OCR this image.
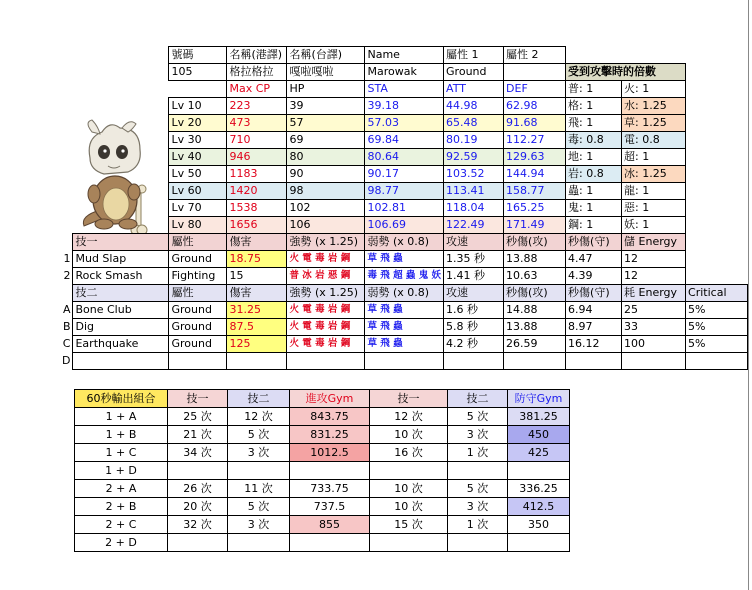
		號碼	名稱(港譯)	名稱(台譯)	Name	屬性 1	屬性 2			
		105	格拉格拉	嘎啦嘎啦	Marowak	Ground		受到攻擊時的倍數		
			Max CP	HP	STA	ATT	DEF	普: 1	火: 1	
		Lv 10	223	39	39.18	44.98	62.98	格: 1	水: 1.25	
		Lv 20	473	57	57.03	65.48	91.68	飛: 1	草: 1.25	
		Lv 30	710	69	69.84	80.19	112.27	毒: 0.8	電: 0.8	
		Lv 40	946	80	80.64	92.59	129.63	地: 1	超: 1	
		Lv 50	1183	90	90.17	103.52	144.94	岩: 0.8	冰: 1.25	
		Lv 60	1420	98	98.77	113.41	158.77	蟲: 1	龍: 1	
		Lv 70	1538	102	102.81	118.04	165.25	鬼: 1	惡: 1	
		Lv 80	1656	106	106.69	122.49	171.49	鋼: 1	妖: 1	
	技一	屬性	傷害	強勢 (x 1.25)	弱勢 (x 0.8)	攻速	秒傷(攻)	秒傷(守)	儲 Energy	
1	Mud Slap	Ground	18.75	火 電 毒 岩 鋼	草 飛 蟲	1.35 秒	13.88	4.47	12	
2	Rock Smash	Fighting	15	普 冰 岩 惡 鋼	毒 飛 超 蟲 鬼 妖	1.41 秒	10.63	4.39	12	
	技二	屬性	傷害	強勢 (x 1.25)	弱勢 (x 0.8)	攻速	秒傷(攻)	秒傷(守)	耗 Energy	Critical
A	Bone Club	Ground	31.25	火 電 毒 岩 鋼	草 飛 蟲	1.6 秒	14.88	6.94	25	5%
B	Dig	Ground	87.5	火 電 毒 岩 鋼	草 飛 蟲	5.8 秒	13.88	8.97	33	5%
C	Earthquake	Ground	125	火 電 毒 岩 鋼	草 飛 蟲	4.2 秒	26.59	16.12	100	5%
D										
60秒輸出組合	技一	技二	進攻Gym	技一	技二	防守Gym
1 + A	25 次	12 次	843.75	12 次	5 次	381.25
1 + B	21 次	5 次	831.25	10 次	3 次	450
1 + C	34 次	3 次	1012.5	16 次	1 次	425
1 + D						
2 + A	26 次	11 次	733.75	10 次	5 次	336.25
2 + B	20 次	5 次	737.5	10 次	3 次	412.5
2 + C	32 次	3 次	855	15 次	1 次	350
2 + D						
